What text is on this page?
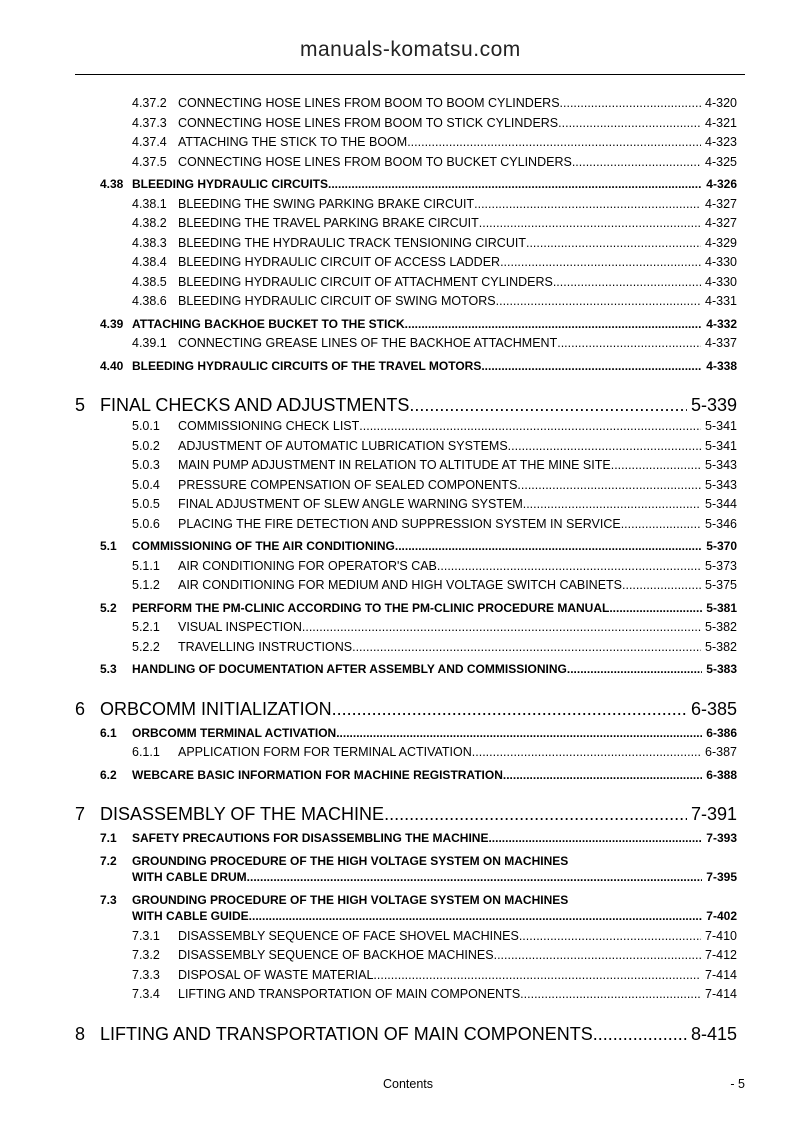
manuals-komatsu.com
4.37.2 CONNECTING HOSE LINES FROM BOOM TO BOOM CYLINDERS .....	4-320
4.37.3 CONNECTING HOSE LINES FROM BOOM TO STICK CYLINDERS .....	4-321
4.37.4 ATTACHING THE STICK TO THE BOOM .....	4-323
4.37.5 CONNECTING HOSE LINES FROM BOOM TO BUCKET CYLINDERS .....	4-325
4.38 BLEEDING HYDRAULIC CIRCUITS .....	4-326
4.38.1 BLEEDING THE SWING PARKING BRAKE CIRCUIT .....	4-327
4.38.2 BLEEDING THE TRAVEL PARKING BRAKE CIRCUIT .....	4-327
4.38.3 BLEEDING THE HYDRAULIC TRACK TENSIONING CIRCUIT .....	4-329
4.38.4 BLEEDING HYDRAULIC CIRCUIT OF ACCESS LADDER .....	4-330
4.38.5 BLEEDING HYDRAULIC CIRCUIT OF ATTACHMENT CYLINDERS .....	4-330
4.38.6 BLEEDING HYDRAULIC CIRCUIT OF SWING MOTORS .....	4-331
4.39 ATTACHING BACKHOE BUCKET TO THE STICK .....	4-332
4.39.1 CONNECTING GREASE LINES OF THE BACKHOE ATTACHMENT .....	4-337
4.40 BLEEDING HYDRAULIC CIRCUITS OF THE TRAVEL MOTORS .....	4-338
5 FINAL CHECKS AND ADJUSTMENTS .....	5-339
5.0.1 COMMISSIONING CHECK LIST .....	5-341
5.0.2 ADJUSTMENT OF AUTOMATIC LUBRICATION SYSTEMS .....	5-341
5.0.3 MAIN PUMP ADJUSTMENT IN RELATION TO ALTITUDE AT THE MINE SITE .....	5-343
5.0.4 PRESSURE COMPENSATION OF SEALED COMPONENTS .....	5-343
5.0.5 FINAL ADJUSTMENT OF SLEW ANGLE WARNING SYSTEM .....	5-344
5.0.6 PLACING THE FIRE DETECTION AND SUPPRESSION SYSTEM IN SERVICE .....	5-346
5.1 COMMISSIONING OF THE AIR CONDITIONING .....	5-370
5.1.1 AIR CONDITIONING FOR OPERATOR'S CAB .....	5-373
5.1.2 AIR CONDITIONING FOR MEDIUM AND HIGH VOLTAGE SWITCH CABINETS .....	5-375
5.2 PERFORM THE PM-CLINIC ACCORDING TO THE PM-CLINIC PROCEDURE MANUAL .....	5-381
5.2.1 VISUAL INSPECTION .....	5-382
5.2.2 TRAVELLING INSTRUCTIONS .....	5-382
5.3 HANDLING OF DOCUMENTATION AFTER ASSEMBLY AND COMMISSIONING .....	5-383
6 ORBCOMM INITIALIZATION .....	6-385
6.1 ORBCOMM TERMINAL ACTIVATION .....	6-386
6.1.1 APPLICATION FORM FOR TERMINAL ACTIVATION .....	6-387
6.2 WEBCARE BASIC INFORMATION FOR MACHINE REGISTRATION .....	6-388
7 DISASSEMBLY OF THE MACHINE .....	7-391
7.1 SAFETY PRECAUTIONS FOR DISASSEMBLING THE MACHINE .....	7-393
7.2 GROUNDING PROCEDURE OF THE HIGH VOLTAGE SYSTEM ON MACHINES
WITH CABLE DRUM .....	7-395
7.3 GROUNDING PROCEDURE OF THE HIGH VOLTAGE SYSTEM ON MACHINES
WITH CABLE GUIDE .....	7-402
7.3.1 DISASSEMBLY SEQUENCE OF FACE SHOVEL MACHINES .....	7-410
7.3.2 DISASSEMBLY SEQUENCE OF BACKHOE MACHINES .....	7-412
7.3.3 DISPOSAL OF WASTE MATERIAL .....	7-414
7.3.4 LIFTING AND TRANSPORTATION OF MAIN COMPONENTS .....	7-414
8 LIFTING AND TRANSPORTATION OF MAIN COMPONENTS .....	8-415
Contents	- 5
